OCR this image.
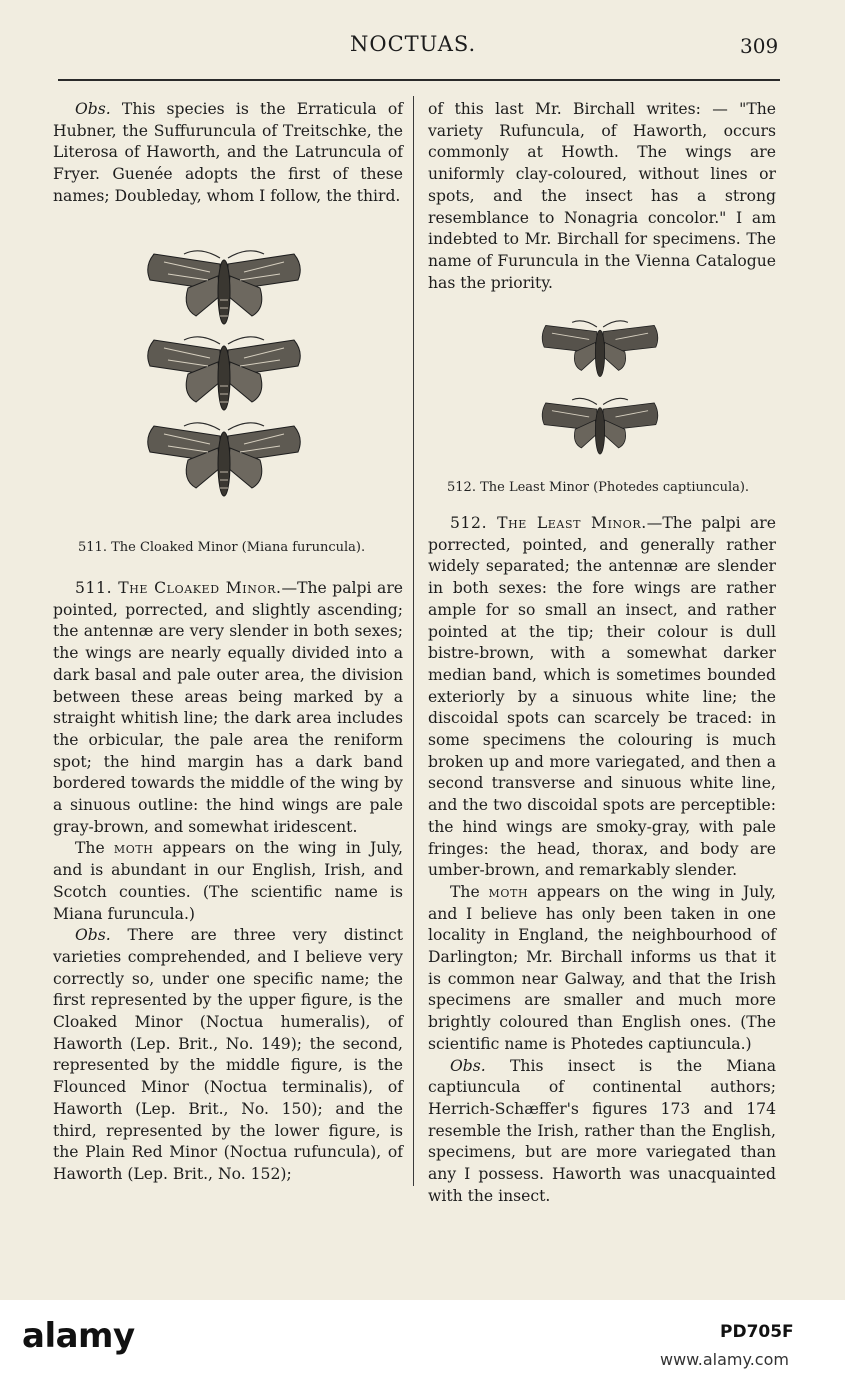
NOCTUAS.	309

Obs. This species is the Erraticula of Hubner, the Suffuruncula of Treitschke, the Literosa of Haworth, and the Latruncula of Fryer. Guenée adopts the first of these names; Doubleday, whom I follow, the third.

511. The Cloaked Minor (Miana furuncula).

511. The Cloaked Minor.—The palpi are pointed, porrected, and slightly ascending; the antennæ are very slender in both sexes; the wings are nearly equally divided into a dark basal and pale outer area, the division between these areas being marked by a straight whitish line; the dark area includes the orbicular, the pale area the reniform spot; the hind margin has a dark band bordered towards the middle of the wing by a sinuous outline: the hind wings are pale gray-brown, and somewhat iridescent.

The moth appears on the wing in July, and is abundant in our English, Irish, and Scotch counties. (The scientific name is Miana furuncula.)

Obs. There are three very distinct varieties comprehended, and I believe very correctly so, under one specific name; the first represented by the upper figure, is the Cloaked Minor (Noctua humeralis), of Haworth (Lep. Brit., No. 149); the second, represented by the middle figure, is the Flounced Minor (Noctua terminalis), of Haworth (Lep. Brit., No. 150); and the third, represented by the lower figure, is the Plain Red Minor (Noctua rufuncula), of Haworth (Lep. Brit., No. 152);

of this last Mr. Birchall writes: — "The variety Rufuncula, of Haworth, occurs commonly at Howth. The wings are uniformly clay-coloured, without lines or spots, and the insect has a strong resemblance to Nonagria concolor." I am indebted to Mr. Birchall for specimens. The name of Furuncula in the Vienna Catalogue has the priority.

512. The Least Minor (Photedes captiuncula).

512. The Least Minor.—The palpi are porrected, pointed, and generally rather widely separated; the antennæ are slender in both sexes: the fore wings are rather ample for so small an insect, and rather pointed at the tip; their colour is dull bistre-brown, with a somewhat darker median band, which is sometimes bounded exteriorly by a sinuous white line; the discoidal spots can scarcely be traced: in some specimens the colouring is much broken up and more variegated, and then a second transverse and sinuous white line, and the two discoidal spots are perceptible: the hind wings are smoky-gray, with pale fringes: the head, thorax, and body are umber-brown, and remarkably slender.

The moth appears on the wing in July, and I believe has only been taken in one locality in England, the neighbourhood of Darlington; Mr. Birchall informs us that it is common near Galway, and that the Irish specimens are smaller and much more brightly coloured than English ones. (The scientific name is Photedes captiuncula.)

Obs. This insect is the Miana captiuncula of continental authors; Herrich-Schæffer's figures 173 and 174 resemble the Irish, rather than the English, specimens, but are more variegated than any I possess. Haworth was unacquainted with the insect.

alamy	PD705F
www.alamy.com
